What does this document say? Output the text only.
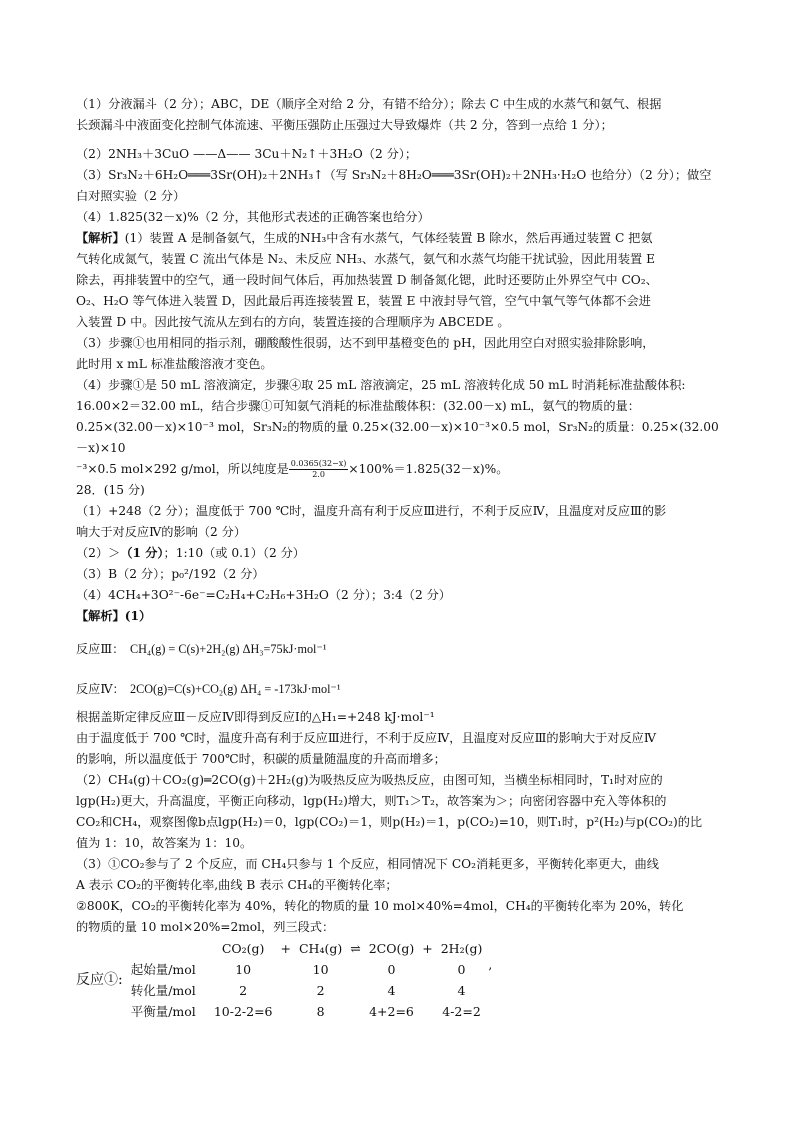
（1）分液漏斗（2 分）；ABC，DE（顺序全对给 2 分，有错不给分）；除去 C 中生成的水蒸气和氨气、根据

长颈漏斗中液面变化控制气体流速、平衡压强防止压强过大导致爆炸（共 2 分，答到一点给 1 分）；

（2）2NH₃＋3CuO ——Δ—— 3Cu＋N₂↑＋3H₂O（2 分）；

（3）Sr₃N₂＋6H₂O═══3Sr(OH)₂＋2NH₃↑（写 Sr₃N₂＋8H₂O═══3Sr(OH)₂＋2NH₃·H₂O 也给分）（2 分）；做空

白对照实验（2 分）

（4）1.825(32－x)%（2 分，其他形式表述的正确答案也给分）

【解析】(1）装置 A 是制备氨气，生成的NH₃中含有水蒸气，气体经装置 B 除水，然后再通过装置 C 把氨

气转化成氮气，装置 C 流出气体是 N₂、未反应 NH₃、水蒸气，氨气和水蒸气均能干扰试验，因此用装置 E

除去，再排装置中的空气，通一段时间气体后，再加热装置 D 制备氮化锶，此时还要防止外界空气中 CO₂、

O₂、H₂O 等气体进入装置 D，因此最后再连接装置 E，装置 E 中液封导气管，空气中氧气等气体都不会进

入装置 D 中。因此按气流从左到右的方向，装置连接的合理顺序为 ABCEDE 。

（3）步骤①也用相同的指示剂，硼酸酸性很弱，达不到甲基橙变色的 pH，因此用空白对照实验排除影响，

此时用 x mL 标准盐酸溶液才变色。

（4）步骤①是 50 mL 溶液滴定，步骤④取 25 mL 溶液滴定，25 mL 溶液转化成 50 mL 时消耗标准盐酸体积:

16.00×2＝32.00 mL，结合步骤①可知氨气消耗的标准盐酸体积：(32.00－x) mL，氨气的物质的量：

0.25×(32.00－x)×10⁻³ mol，Sr₃N₂的物质的量 0.25×(32.00－x)×10⁻³×0.5 mol，Sr₃N₂的质量：0.25×(32.00－x)×10

⁻³×0.5 mol×292 g/mol，所以纯度是 $\frac{0.0365(32-x)}{2.0} \times 100\%=1.825(32-x)\%$。

28．(15 分)

（1）+248（2 分）；温度低于 700 ℃时，温度升高有利于反应Ⅲ进行，不利于反应Ⅳ，且温度对反应Ⅲ的影

响大于对反应Ⅳ的影响（2 分）

（2）＞（1 分）；1:10（或 0.1）（2 分）

（3）B（2 分）；p₀²/192（2 分）

（4）4CH₄+3O²⁻-6e⁻=C₂H₄+C₂H₆+3H₂O（2 分）；3:4（2 分）

【解析】(1）

反应Ⅲ： CH₄(g) = C(s)+2H₂(g) ΔH₃=75kJ·mol⁻¹
反应Ⅳ： 2CO(g)=C(s)+CO₂(g) ΔH₄ = -173kJ·mol⁻¹

根据盖斯定律反应Ⅲ－反应Ⅳ即得到反应Ⅰ的△H₁=+248 kJ·mol⁻¹

由于温度低于 700 ℃时，温度升高有利于反应Ⅲ进行，不利于反应Ⅳ，且温度对反应Ⅲ的影响大于对反应Ⅳ

的影响，所以温度低于 700℃时，积碳的质量随温度的升高而增多；

（2）CH₄(g)＋CO₂(g)═2CO(g)＋2H₂(g)为吸热反应为吸热反应，由图可知，当横坐标相同时，T₁时对应的

lgp(H₂)更大，升高温度，平衡正向移动，lgp(H₂)增大，则T₁＞T₂，故答案为＞；向密闭容器中充入等体积的

CO₂和CH₄，观察图像b点lgp(H₂)＝0，lgp(CO₂)＝1，则p(H₂)＝1，p(CO₂)=10，则T₁时，p²(H₂)与p(CO₂)的比

值为 1：10，故答案为 1：10。

（3）①CO₂参与了 2 个反应，而 CH₄只参与 1 个反应，相同情况下 CO₂消耗更多，平衡转化率更大，曲线

A 表示 CO₂的平衡转化率,曲线 B 表示 CH₄的平衡转化率；

②800K，CO₂的平衡转化率为 40%，转化的物质的量 10 mol×40%=4mol，CH₄的平衡转化率为 20%，转化

的物质的量 10 mol×20%=2mol，列三段式：

反应①:
	CO₂(g)	+	CH₄(g)	⇌	2CO(g)	+	2H₂(g)
起始量/mol	10		10		0		0
转化量/mol	2		2		4		4
平衡量/mol	10-2-2=6		8		4+2=6		4-2=2
,
